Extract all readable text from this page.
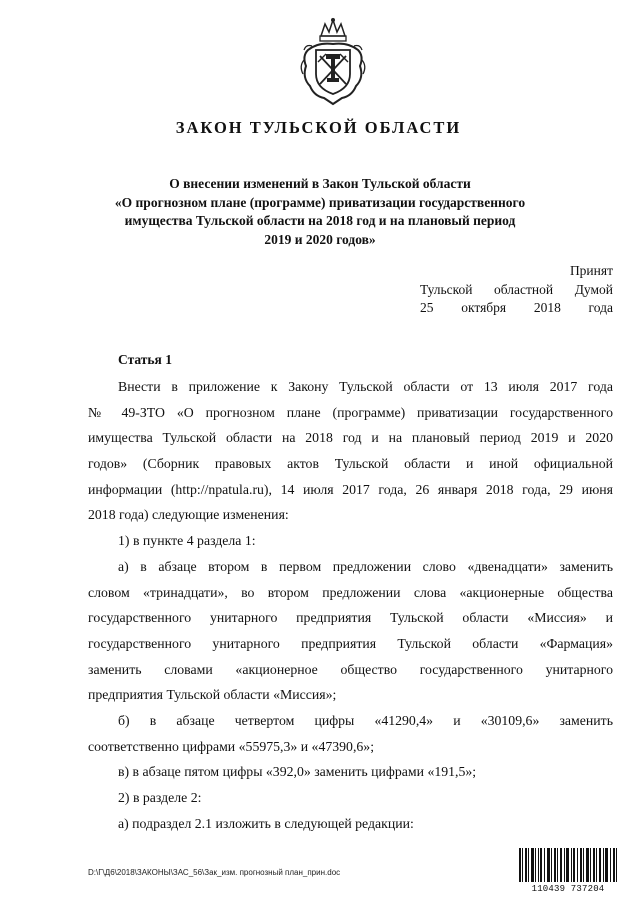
ЗАКОН ТУЛЬСКОЙ ОБЛАСТИ
О внесении изменений в Закон Тульской области
«О прогнозном плане (программе) приватизации государственного
имущества Тульской области на 2018 год и на плановый период
2019 и 2020 годов»
Принят
Тульской областной Думой
25 октября 2018 года
Статья 1
Внести в приложение к Закону Тульской области от 13 июля 2017 года
№ 49-ЗТО «О прогнозном плане (программе) приватизации государственного
имущества Тульской области на 2018 год и на плановый период 2019 и 2020
годов» (Сборник правовых актов Тульской области и иной официальной
информации (http://npatula.ru), 14 июля 2017 года, 26 января 2018 года, 29 июня
2018 года) следующие изменения:
1) в пункте 4 раздела 1:
а) в абзаце втором в первом предложении слово «двенадцати» заменить
словом «тринадцати», во втором предложении слова «акционерные общества
государственного унитарного предприятия Тульской области «Миссия» и
государственного унитарного предприятия Тульской области «Фармация»
заменить словами «акционерное общество государственного унитарного
предприятия Тульской области «Миссия»;
б) в абзаце четвертом цифры «41290,4» и «30109,6» заменить
соответственно цифрами «55975,3» и «47390,6»;
в) в абзаце пятом цифры «392,0» заменить цифрами «191,5»;
2) в разделе 2:
а) подраздел 2.1 изложить в следующей редакции:
D:\Г\Д6\2018\ЗАКОНЫ\ЗАС_56\Зак_изм. прогнозный план_прин.doc
110439 737204
